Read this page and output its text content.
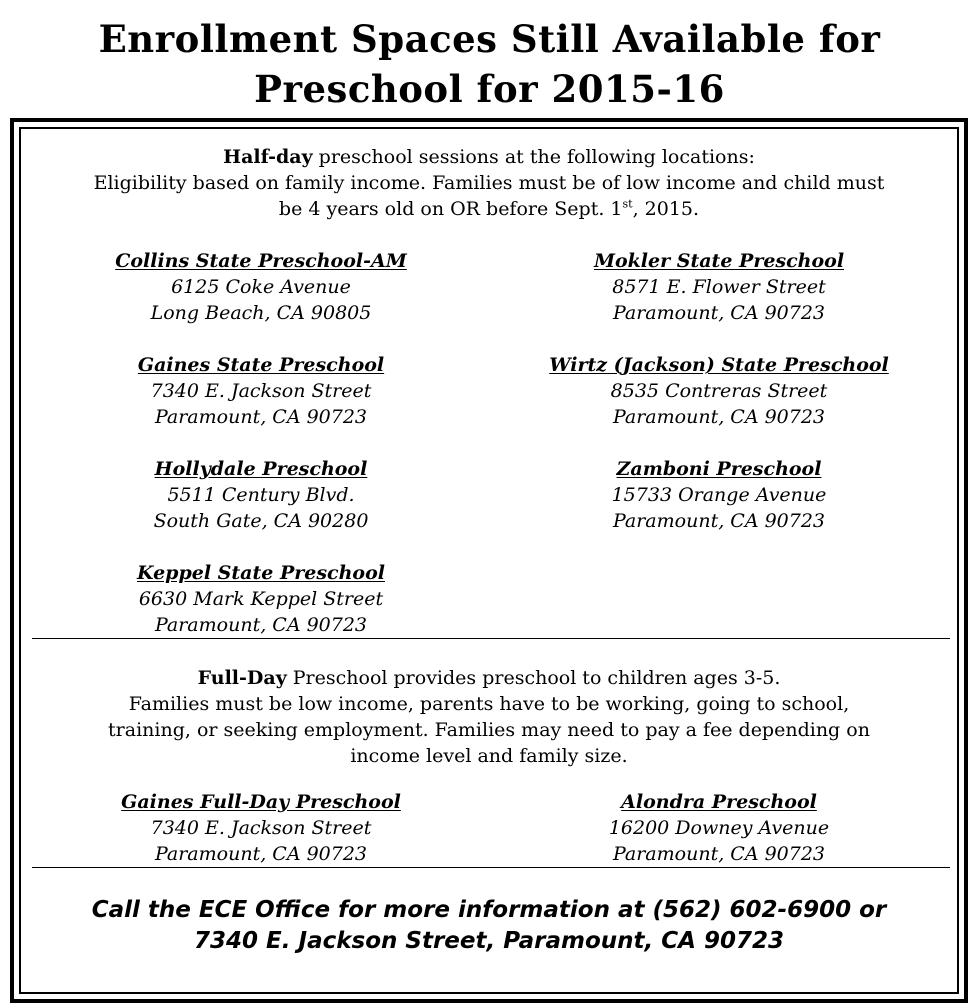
Enrollment Spaces Still Available for
Preschool for 2015-16
Half-day preschool sessions at the following locations:
Eligibility based on family income. Families must be of low income and child must
be 4 years old on OR before Sept. 1st, 2015.
Collins State Preschool-AM
6125 Coke Avenue
Long Beach, CA 90805
Mokler State Preschool
8571 E. Flower Street
Paramount, CA 90723
Gaines State Preschool
7340 E. Jackson Street
Paramount, CA 90723
Wirtz (Jackson) State Preschool
8535 Contreras Street
Paramount, CA 90723
Hollydale Preschool
5511 Century Blvd.
South Gate, CA 90280
Zamboni Preschool
15733 Orange Avenue
Paramount, CA 90723
Keppel State Preschool
6630 Mark Keppel Street
Paramount, CA 90723
Full-Day Preschool provides preschool to children ages 3-5.
Families must be low income, parents have to be working, going to school,
training, or seeking employment. Families may need to pay a fee depending on
income level and family size.
Gaines Full-Day Preschool
7340 E. Jackson Street
Paramount, CA 90723
Alondra Preschool
16200 Downey Avenue
Paramount, CA 90723
Call the ECE Office for more information at (562) 602-6900 or
7340 E. Jackson Street, Paramount, CA 90723
